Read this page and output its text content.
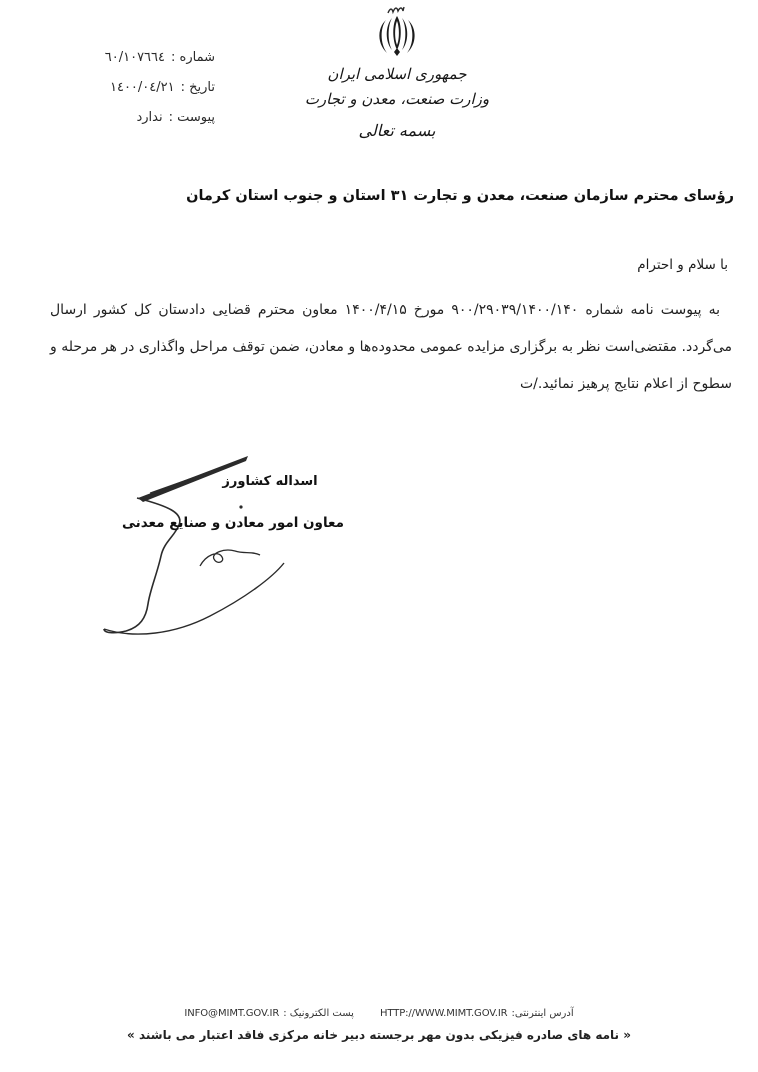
شماره :
٦٠/١٠٧٦٦٤
تاریخ :
١٤٠٠/٠٤/٢١
پیوست :
ندارد
جمهوری اسلامی ایران
وزارت صنعت، معدن و تجارت
بسمه تعالی
رؤسای محترم سازمان صنعت، معدن و تجارت ۳۱ استان و جنوب استان کرمان
با سلام و احترام

به پیوست نامه شماره ۹۰۰/۲۹۰۳۹/۱۴۰۰/۱۴۰ مورخ ۱۴۰۰/۴/۱۵ معاون محترم قضایی دادستان کل کشور ارسال می‌گردد. مقتضی‌است نظر به برگزاری مزایده عمومی محدوده‌ها و معادن، ضمن توقف مراحل واگذاری در هر مرحله و سطوح از اعلام نتایج پرهیز نمائید./ت

اسداله کشاورز
معاون امور معادن و صنایع معدنی
آدرس اینترنتی:
HTTP://WWW.MIMT.GOV.IR
پست الکترونیک :
INFO@MIMT.GOV.IR
« نامه های صادره فیزیکی بدون مهر برجسته دبیر خانه مرکزی فاقد اعتبار می باشند »
